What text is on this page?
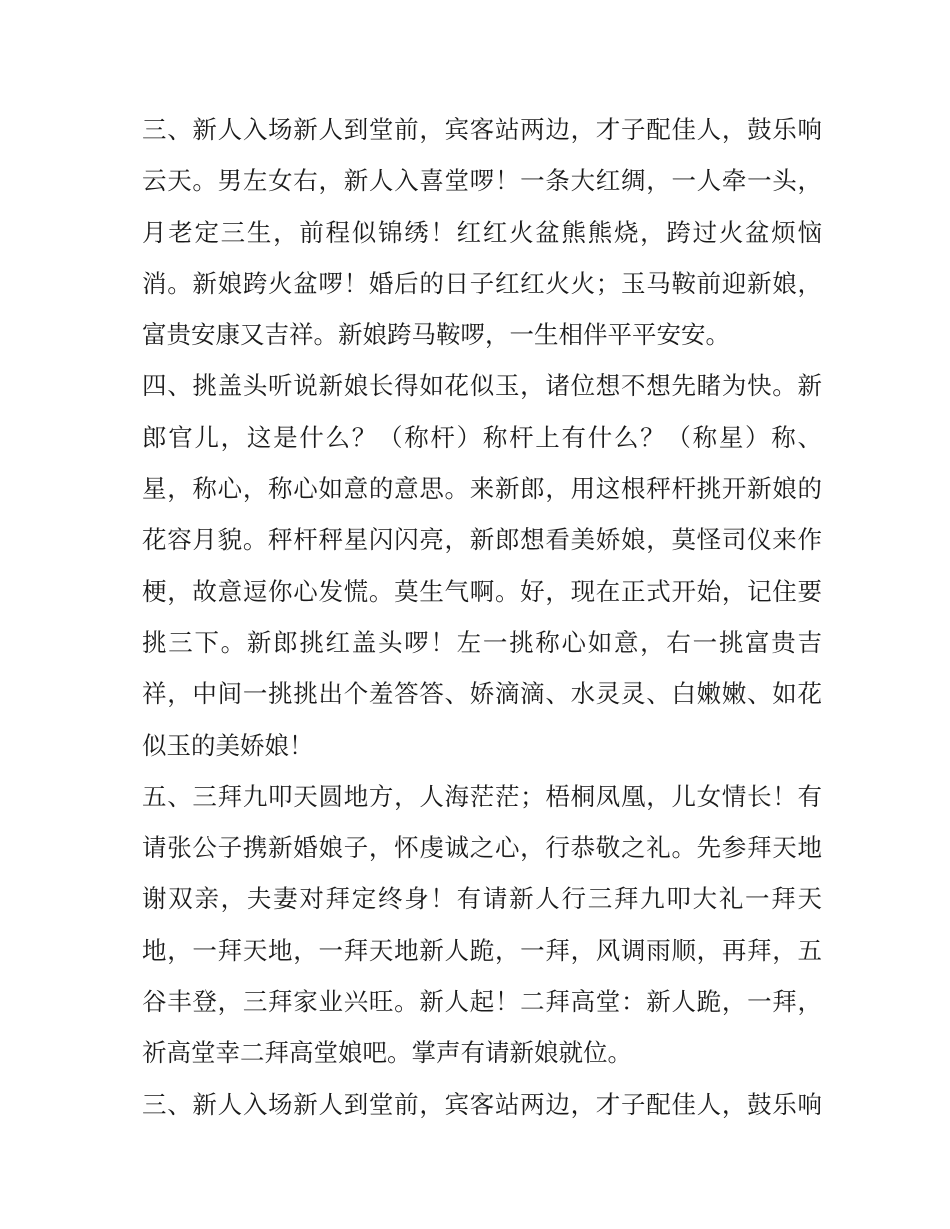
三、新人入场新人到堂前，宾客站两边，才子配佳人，鼓乐响
云天。男左女右，新人入喜堂啰！一条大红绸，一人牵一头，
月老定三生，前程似锦绣！红红火盆熊熊烧，跨过火盆烦恼
消。新娘跨火盆啰！婚后的日子红红火火；玉马鞍前迎新娘，
富贵安康又吉祥。新娘跨马鞍啰，一生相伴平平安安。
四、挑盖头听说新娘长得如花似玉，诸位想不想先睹为快。新
郎官儿，这是什么？（称杆）称杆上有什么？（称星）称、
星，称心，称心如意的意思。来新郎，用这根秤杆挑开新娘的
花容月貌。秤杆秤星闪闪亮，新郎想看美娇娘，莫怪司仪来作
梗，故意逗你心发慌。莫生气啊。好，现在正式开始，记住要
挑三下。新郎挑红盖头啰！左一挑称心如意，右一挑富贵吉
祥，中间一挑挑出个羞答答、娇滴滴、水灵灵、白嫩嫩、如花
似玉的美娇娘！
五、三拜九叩天圆地方，人海茫茫；梧桐凤凰，儿女情长！有
请张公子携新婚娘子，怀虔诚之心，行恭敬之礼。先参拜天地
谢双亲，夫妻对拜定终身！有请新人行三拜九叩大礼一拜天
地，一拜天地，一拜天地新人跪，一拜，风调雨顺，再拜，五
谷丰登，三拜家业兴旺。新人起！二拜高堂：新人跪，一拜，
祈高堂幸二拜高堂娘吧。掌声有请新娘就位。
三、新人入场新人到堂前，宾客站两边，才子配佳人，鼓乐响
